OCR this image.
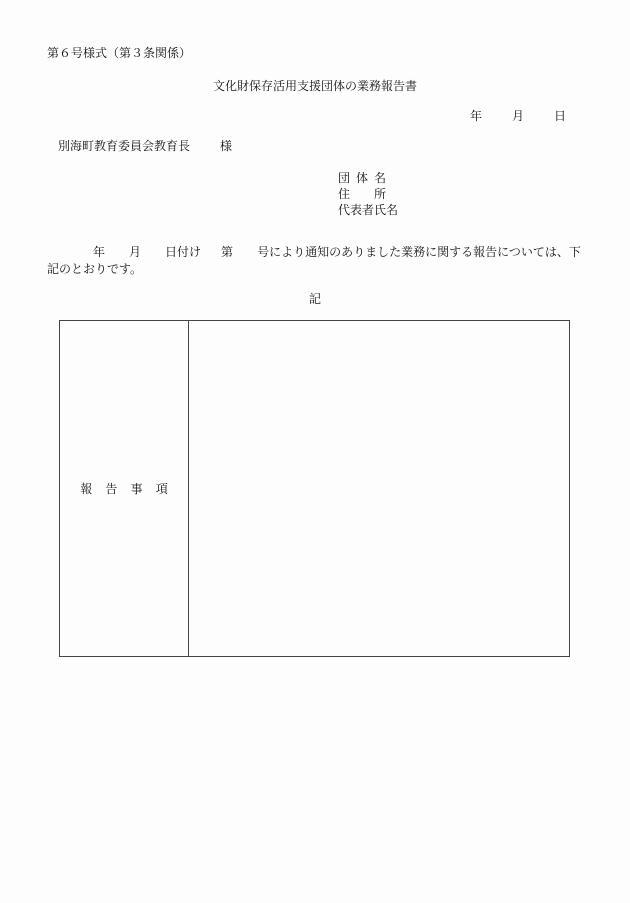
第６号様式（第３条関係）
文化財保存活用支援団体の業務報告書
年	月	日
別海町教育委員会教育長	様
団体名
住所
代表者氏名
年 月 日付け 第 号により通知のありました業務に関する報告については、下記のとおりです。
記
報告事項
